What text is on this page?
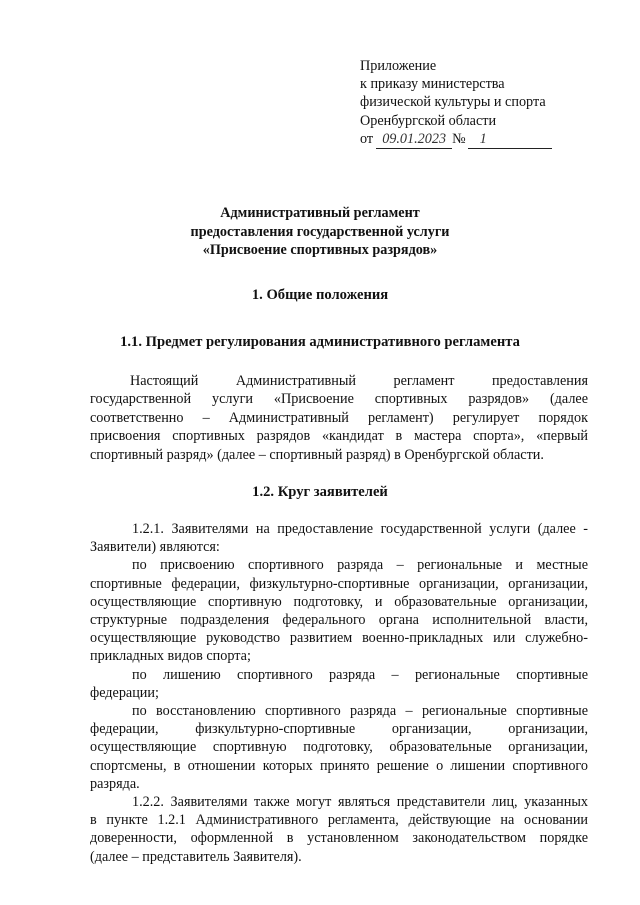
Приложение
к приказу министерства
физической культуры и спорта
Оренбургской области
от 09.01.2023 № 1
Административный регламент
предоставления государственной услуги
«Присвоение спортивных разрядов»
1. Общие положения
1.1. Предмет регулирования административного регламента
Настоящий Административный регламент предоставления
государственной услуги «Присвоение спортивных разрядов» (далее
соответственно – Административный регламент) регулирует порядок
присвоения спортивных разрядов «кандидат в мастера спорта», «первый
спортивный разряд» (далее – спортивный разряд) в Оренбургской области.
1.2. Круг заявителей
1.2.1. Заявителями на предоставление государственной услуги (далее -
Заявители) являются:
по присвоению спортивного разряда – региональные и местные
спортивные федерации, физкультурно-спортивные организации, организации,
осуществляющие спортивную подготовку, и образовательные организации,
структурные подразделения федерального органа исполнительной власти,
осуществляющие руководство развитием военно-прикладных или служебно-
прикладных видов спорта;
по лишению спортивного разряда – региональные спортивные
федерации;
по восстановлению спортивного разряда – региональные спортивные
федерации, физкультурно-спортивные организации, организации,
осуществляющие спортивную подготовку, образовательные организации,
спортсмены, в отношении которых принято решение о лишении спортивного
разряда.
1.2.2. Заявителями также могут являться представители лиц, указанных
в пункте 1.2.1 Административного регламента, действующие на основании
доверенности, оформленной в установленном законодательством порядке
(далее – представитель Заявителя).
